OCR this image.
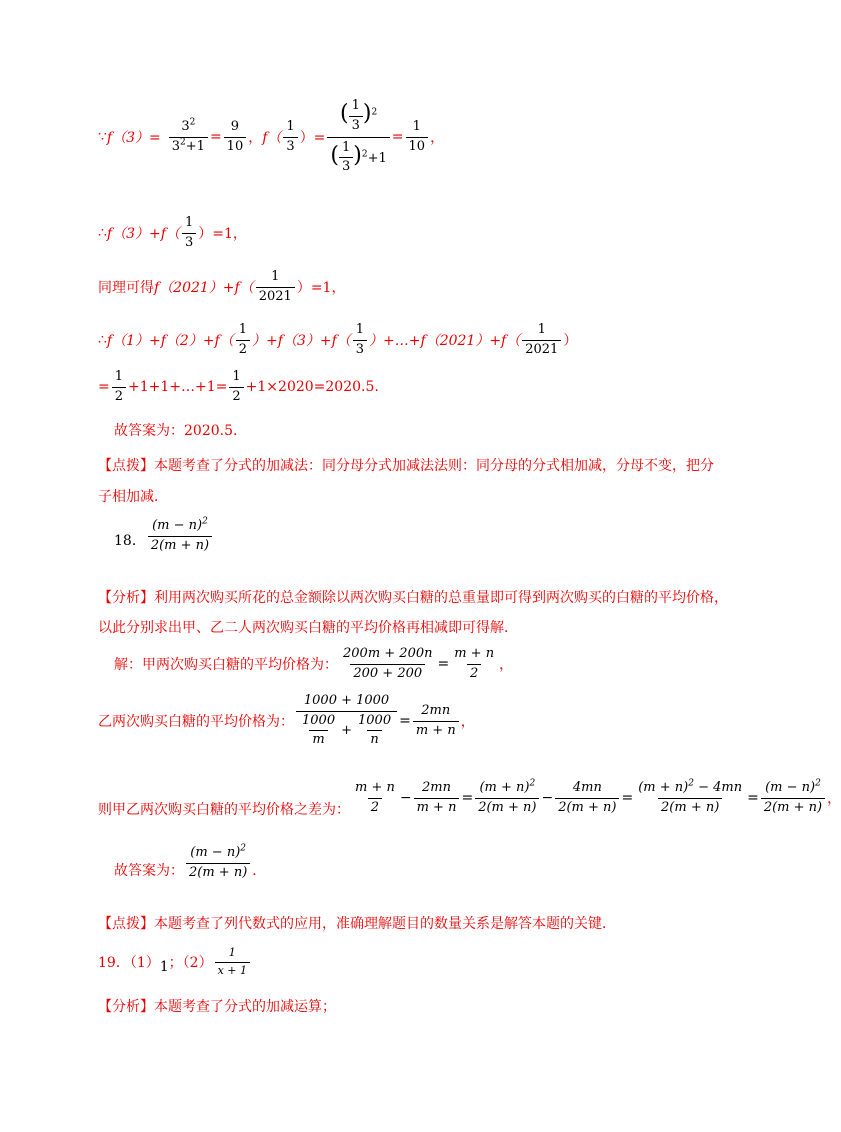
∵ $f(3)= \frac{3^2}{3^2+1} = \frac{9}{10}$ ， $f( \frac{1}{3}$ ）= $\frac{( \frac{1}{3} )^2}{( \frac{1}{3} )^2+1} = \frac{1}{10}$ ，
∴ $f(3)+f( \frac{1}{3} )=1$，
同理可得 $f(2021)+f( \frac{1}{2021} )=1$，
∴ $f(1)+f(2)+f( \frac{1}{2} )+f(3)+f( \frac{1}{3}$ ）+…+f（2021）+f（ $\frac{1}{2021}$ ）
= $\frac{1}{2}$ +1+1+…+1= $\frac{1}{2} +1\times 2020=2020.5$.
故答案为：2020.5.
【点拨】本题考查了分式的加减法：同分母分式加减法法则：同分母的分式相加减，分母不变，把分
子相加减．
18． $\frac{(m - n)^2}{2(m + n)}$
【分析】利用两次购买所花的总金额除以两次购买白糖的总重量即可得到两次购买的白糖的平均价格，
以此分别求出甲、乙二人两次购买白糖的平均价格再相减即可得解．
解：甲两次购买白糖的平均价格为： $\frac{200m + 200n}{200 + 200} = \frac{m + n}{2}$ ，
乙两次购买白糖的平均价格为： $\frac{1000 + 1000}{\frac{1000}{m} + \frac{1000}{n}} = \frac{2mn}{m + n}$ ，
则甲乙两次购买白糖的平均价格之差为： $\frac{m + n}{2} - \frac{2mn}{m + n} = \frac{(m + n)^2}{2(m + n)} - \frac{4mn}{2(m + n)} = \frac{(m + n)^2 - 4mn}{2(m + n)} = \frac{(m - n)^2}{2(m + n)}$ ，
故答案为： $\frac{(m - n)^2}{2(m + n)}$ ．
【点拨】本题考查了列代数式的应用，准确理解题目的数量关系是解答本题的关键．
19．（1） 1 ；$(2) \frac{1}{x + 1}$
【分析】本题考查了分式的加减运算；
